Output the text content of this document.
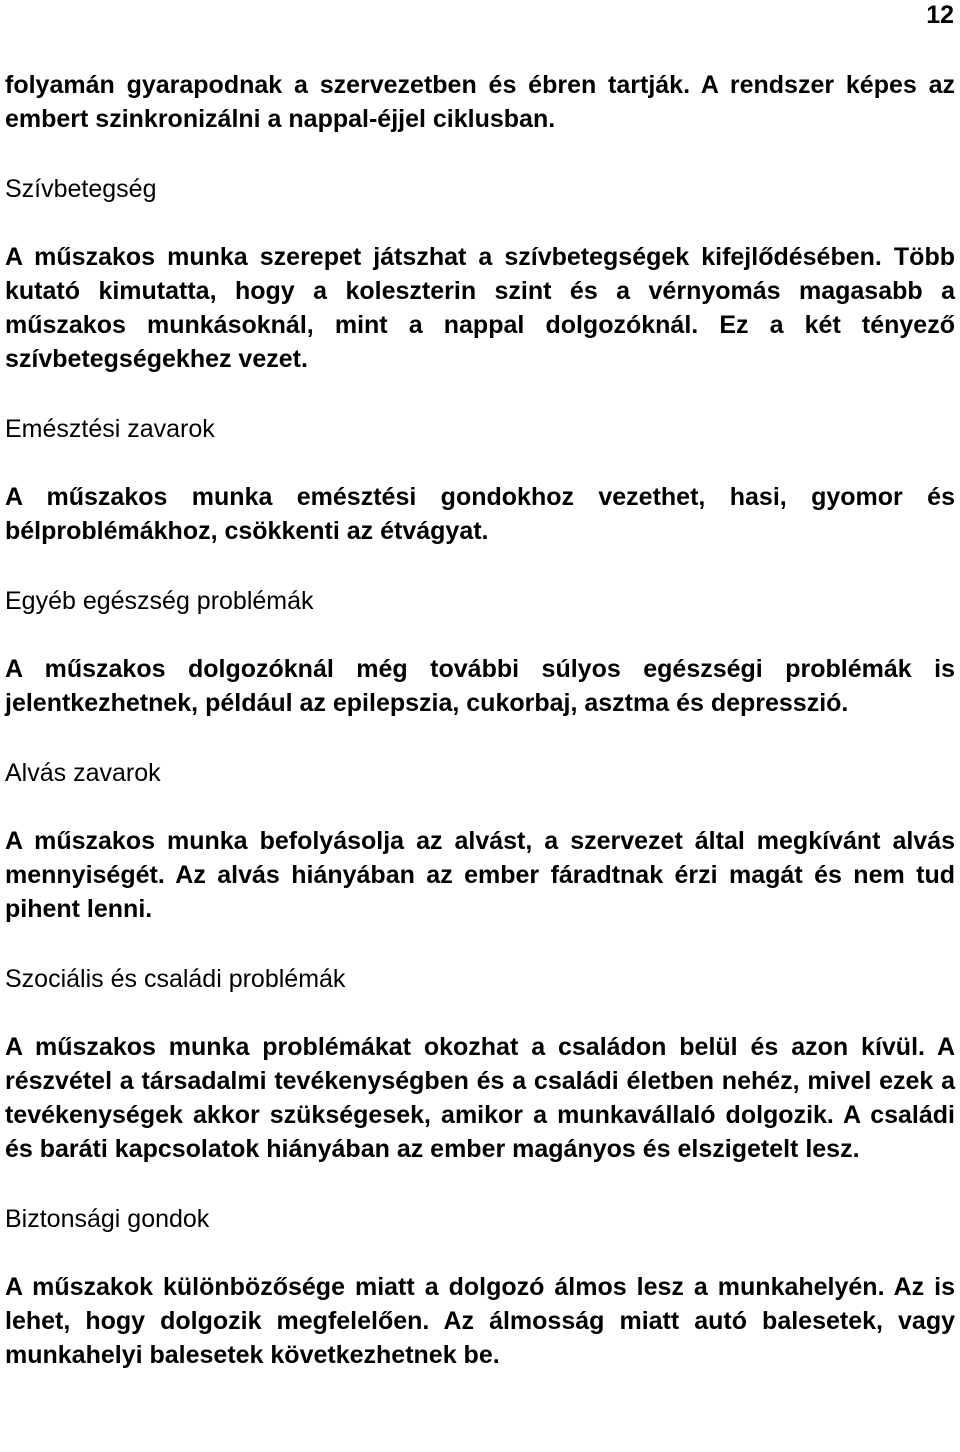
12

folyamán gyarapodnak a szervezetben és ébren tartják. A rendszer képes az embert szinkronizálni a nappal-éjjel ciklusban.

Szívbetegség

A műszakos munka szerepet játszhat a szívbetegségek kifejlődésében. Több kutató kimutatta, hogy a koleszterin szint és a vérnyomás magasabb a műszakos munkásoknál, mint a nappal dolgozóknál. Ez a két tényező szívbetegségekhez vezet.

Emésztési zavarok

A műszakos munka emésztési gondokhoz vezethet, hasi, gyomor és bélproblémákhoz, csökkenti az étvágyat.

Egyéb egészség problémák

A műszakos dolgozóknál még további súlyos egészségi problémák is jelentkezhetnek, például az epilepszia, cukorbaj, asztma és depresszió.

Alvás zavarok

A műszakos munka befolyásolja az alvást, a szervezet által megkívánt alvás mennyiségét. Az alvás hiányában az ember fáradtnak érzi magát és nem tud pihent lenni.

Szociális és családi problémák

A műszakos munka problémákat okozhat a családon belül és azon kívül. A részvétel a társadalmi tevékenységben és a családi életben nehéz, mivel ezek a tevékenységek akkor szükségesek, amikor a munkavállaló dolgozik. A családi és baráti kapcsolatok hiányában az ember magányos és elszigetelt lesz.

Biztonsági gondok

A műszakok különbözősége miatt a dolgozó álmos lesz a munkahelyén. Az is lehet, hogy dolgozik megfelelően. Az álmosság miatt autó balesetek, vagy munkahelyi balesetek következhetnek be.
